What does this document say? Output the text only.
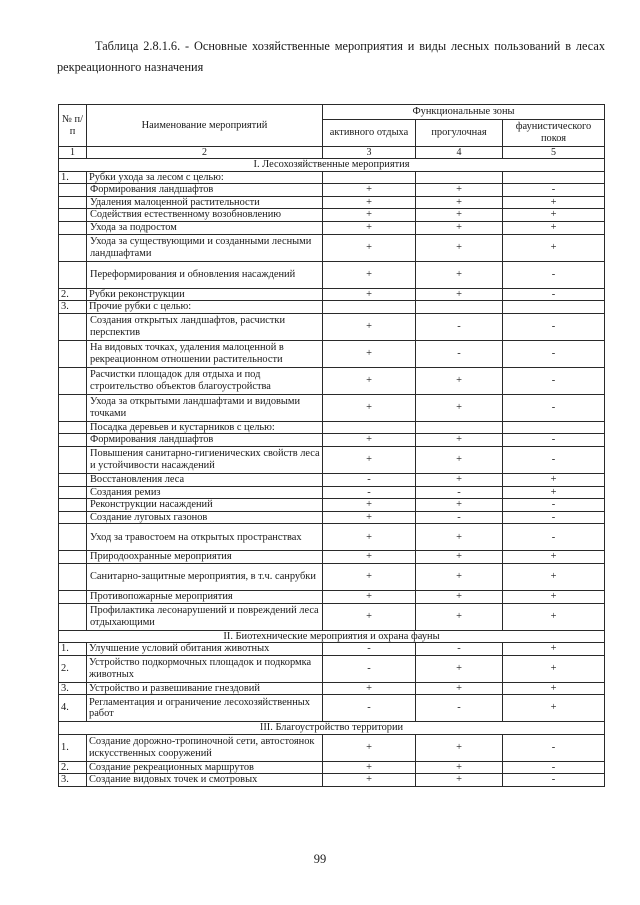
Таблица 2.8.1.6. - Основные хозяйственные мероприятия и виды лесных пользований в лесах рекреационного назначения
№ п/п	Наименование мероприятий	Функциональные зоны		
		активного отдыха	прогулочная	фаунистического покоя
1	2	3	4	5
I. Лесохозяйственные мероприятия				
1.	Рубки ухода за лесом с целью:			
	Формирования ландшафтов	+	+	-
	Удаления малоценной растительности	+	+	+
	Содействия естественному возобновлению	+	+	+
	Ухода за подростом	+	+	+
	Ухода за существующими и созданными лесными ландшафтами	+	+	+
	Переформирования и обновления насаждений	+	+	-
2.	Рубки реконструкции	+	+	-
3.	Прочие рубки с целью:			
	Создания открытых ландшафтов, расчистки перспектив	+	-	-
	На видовых точках, удаления малоценной в рекреационном отношении растительности	+	-	-
	Расчистки площадок для отдыха и под строительство объектов благоустройства	+	+	-
	Ухода за открытыми ландшафтами и видовыми точками	+	+	-
	Посадка деревьев и кустарников с целью:			
	Формирования ландшафтов	+	+	-
	Повышения санитарно-гигиенических свойств леса и устойчивости насаждений	+	+	-
	Восстановления леса	-	+	+
	Создания ремиз	-	-	+
	Реконструкции насаждений	+	+	-
	Создание луговых газонов	+	-	-
	Уход за травостоем на открытых пространствах	+	+	-
	Природоохранные мероприятия	+	+	+
	Санитарно-защитные мероприятия, в т.ч. санрубки	+	+	+
	Противопожарные мероприятия	+	+	+
	Профилактика лесонарушений и повреждений леса отдыхающими	+	+	+
II. Биотехнические мероприятия и охрана фауны				
1.	Улучшение условий обитания животных	-	-	+
2.	Устройство подкормочных площадок и подкормка животных	-	+	+
3.	Устройство и развешивание гнездовий	+	+	+
4.	Регламентация и ограничение лесохозяйственных работ	-	-	+
III. Благоустройство территории				
1.	Создание дорожно-тропиночной сети, автостоянок искусственных сооружений	+	+	-
2.	Создание рекреационных маршрутов	+	+	-
3.	Создание видовых точек и смотровых	+	+	-
99
